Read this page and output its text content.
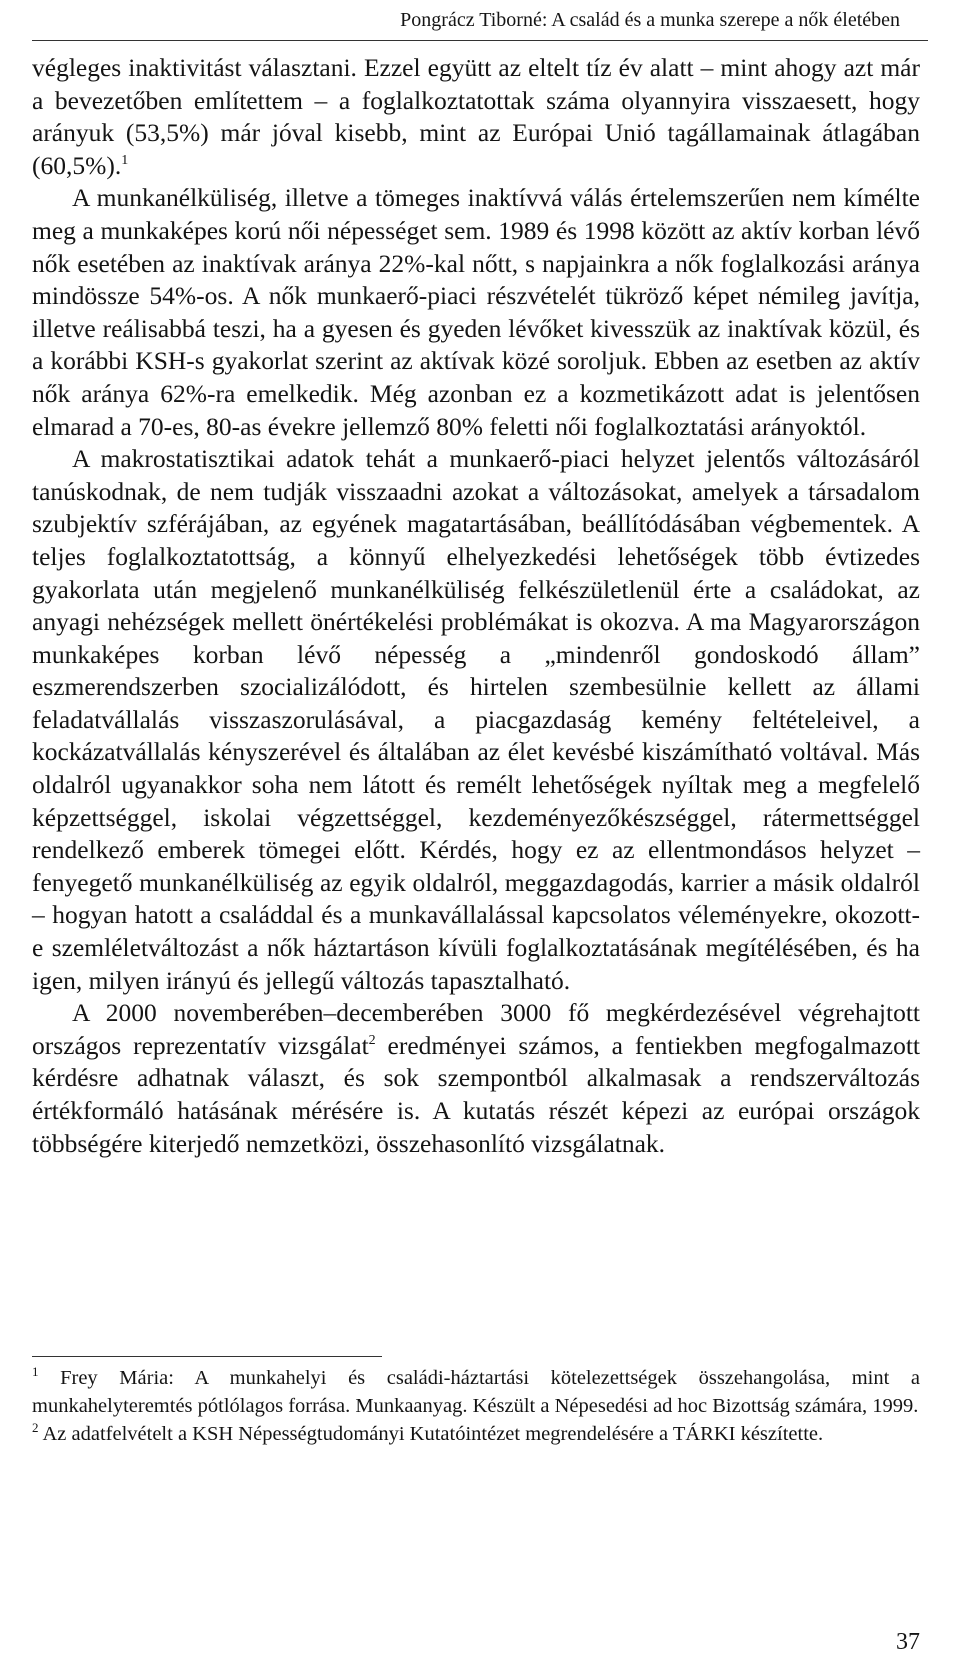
Pongrácz Tiborné: A család és a munka szerepe a nők életében

végleges inaktivitást választani. Ezzel együtt az eltelt tíz év alatt – mint ahogy azt már a bevezetőben említettem – a foglalkoztatottak száma olyannyira visszaesett, hogy arányuk (53,5%) már jóval kisebb, mint az Európai Unió tagállamainak átlagában (60,5%).$^1$

A munkanélküliség, illetve a tömeges inaktívvá válás értelemszerűen nem kímélte meg a munkaképes korú női népességet sem. 1989 és 1998 között az aktív korban lévő nők esetében az inaktívak aránya 22%-kal nőtt, s napjainkra a nők foglalkozási aránya mindössze 54%-os. A nők munkaerő-piaci részvételét tükröző képet némileg javítja, illetve reálisabbá teszi, ha a gyesen és gyeden lévőket kivesszük az inaktívak közül, és a korábbi KSH-s gyakorlat szerint az aktívak közé soroljuk. Ebben az esetben az aktív nők aránya 62%-ra emelkedik. Még azonban ez a kozmetikázott adat is jelentősen elmarad a 70-es, 80-as évekre jellemző 80% feletti női foglalkoztatási arányoktól.

A makrostatisztikai adatok tehát a munkaerő-piaci helyzet jelentős változásáról tanúskodnak, de nem tudják visszaadni azokat a változásokat, amelyek a társadalom szubjektív szférájában, az egyének magatartásában, beállítódásában végbementek. A teljes foglalkoztatottság, a könnyű elhelyezkedési lehetőségek több évtizedes gyakorlata után megjelenő munkanélküliség felkészületlenül érte a családokat, az anyagi nehézségek mellett önértékelési problémákat is okozva. A ma Magyarországon munkaképes korban lévő népesség a „mindenről gondoskodó állam” eszmerendszerben szocializálódott, és hirtelen szembesülnie kellett az állami feladatvállalás visszaszorulásával, a piacgazdaság kemény feltételeivel, a kockázatvállalás kényszerével és általában az élet kevésbé kiszámítható voltával. Más oldalról ugyanakkor soha nem látott és remélt lehetőségek nyíltak meg a megfelelő képzettséggel, iskolai végzettséggel, kezdeményezőkészséggel, rátermettséggel rendelkező emberek tömegei előtt. Kérdés, hogy ez az ellentmondásos helyzet – fenyegető munkanélküliség az egyik oldalról, meggazdagodás, karrier a másik oldalról – hogyan hatott a családdal és a munkavállalással kapcsolatos véleményekre, okozott-e szemléletváltozást a nők háztartáson kívüli foglalkoztatásának megítélésében, és ha igen, milyen irányú és jellegű változás tapasztalható.

A 2000 novemberében–decemberében 3000 fő megkérdezésével végrehajtott országos reprezentatív vizsgálat$^2$ eredményei számos, a fentiekben megfogalmazott kérdésre adhatnak választ, és sok szempontból alkalmasak a rendszerváltozás értékformáló hatásának mérésére is. A kutatás részét képezi az európai országok többségére kiterjedő nemzetközi, összehasonlító vizsgálatnak.

$^1$ Frey Mária: A munkahelyi és családi-háztartási kötelezettségek összehangolása, mint a munkahelyteremtés pótlólagos forrása. Munkaanyag. Készült a Népesedési ad hoc Bizottság számára, 1999.

$^2$ Az adatfelvételt a KSH Népességtudományi Kutatóintézet megrendelésére a TÁRKI készítette.

37
